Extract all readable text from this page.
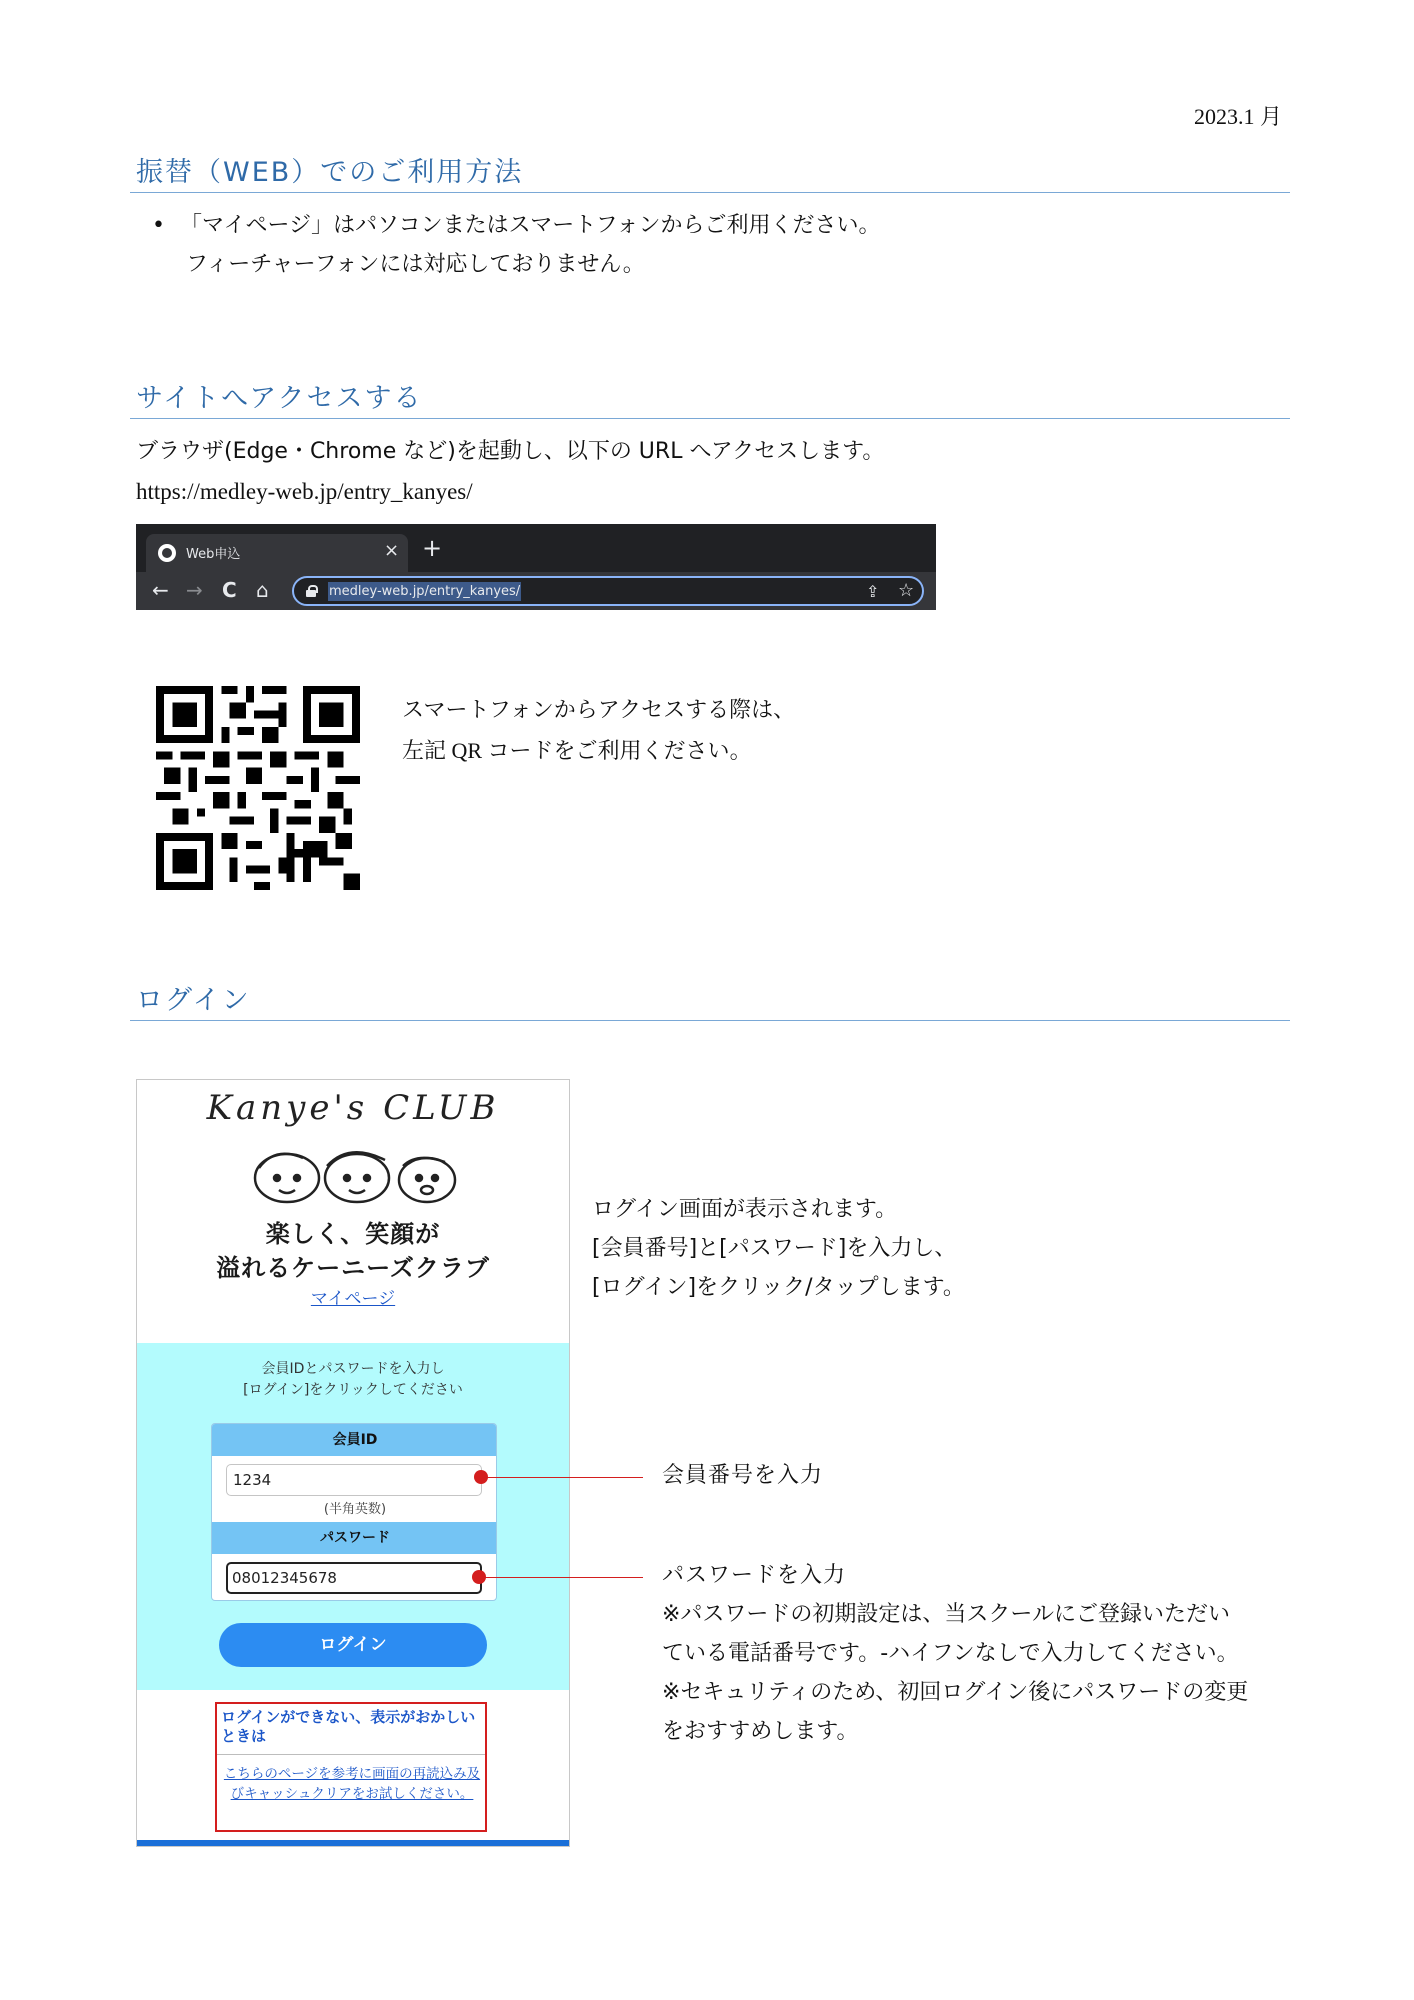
2023.1 月
振替（WEB）でのご利用方法
• 「マイページ」はパソコンまたはスマートフォンからご利用ください。
フィーチャーフォンには対応しておりません。
サイトへアクセスする
ブラウザ(Edge・Chrome など)を起動し、以下の URL へアクセスします。
https://medley-web.jp/entry_kanyes/
Web申込	× +
← → C ⌂	medley-web.jp/entry_kanyes/	⇪ ☆
スマートフォンからアクセスする際は、
左記 QR コードをご利用ください。
ログイン
Kanye's CLUB
楽しく、笑顔が
溢れるケーニーズクラブ
マイページ
会員IDとパスワードを入力し
[ログイン]をクリックしてください
会員ID
1234
(半角英数)
パスワード
08012345678
ログイン
ログインができない、表示がおかしいときは
こちらのページを参考に画面の再読込み及びキャッシュクリアをお試しください。
ログイン画面が表示されます。
[会員番号]と[パスワード]を入力し、
[ログイン]をクリック/タップします。
会員番号を入力
パスワードを入力
※パスワードの初期設定は、当スクールにご登録いただい
ている電話番号です。-ハイフンなしで入力してください。
※セキュリティのため、初回ログイン後にパスワードの変更
をおすすめします。
